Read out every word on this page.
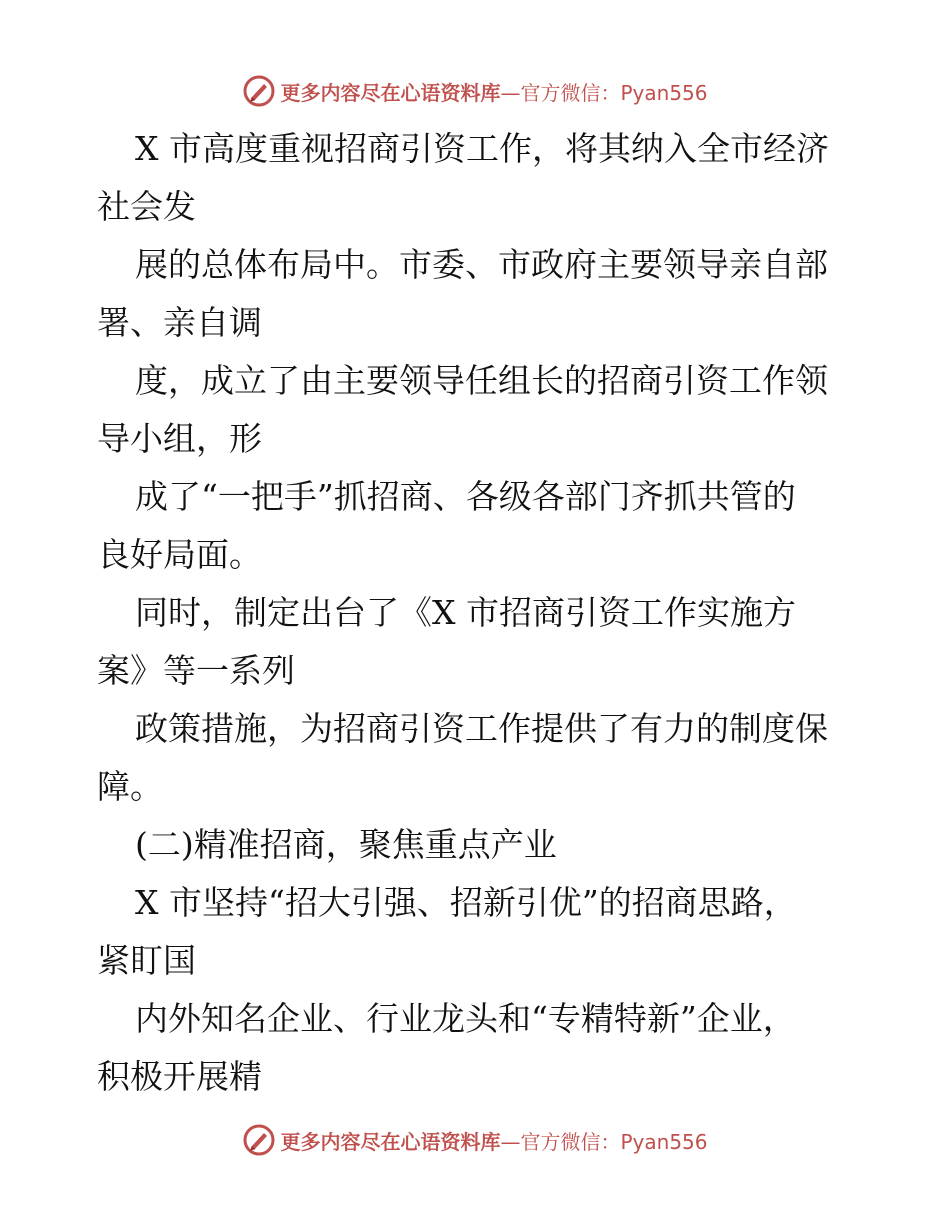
更多内容尽在心语资料库—官方微信：Pyan556

X 市高度重视招商引资工作，将其纳入全市经济
社会发

展的总体布局中。市委、市政府主要领导亲自部
署、亲自调

度，成立了由主要领导任组长的招商引资工作领
导小组，形

成了“一把手”抓招商、各级各部门齐抓共管的
良好局面。

同时，制定出台了《X 市招商引资工作实施方
案》等一系列

政策措施，为招商引资工作提供了有力的制度保
障。

(二)精准招商，聚焦重点产业

X 市坚持“招大引强、招新引优”的招商思路，
紧盯国

内外知名企业、行业龙头和“专精特新”企业，
积极开展精

更多内容尽在心语资料库—官方微信：Pyan556
